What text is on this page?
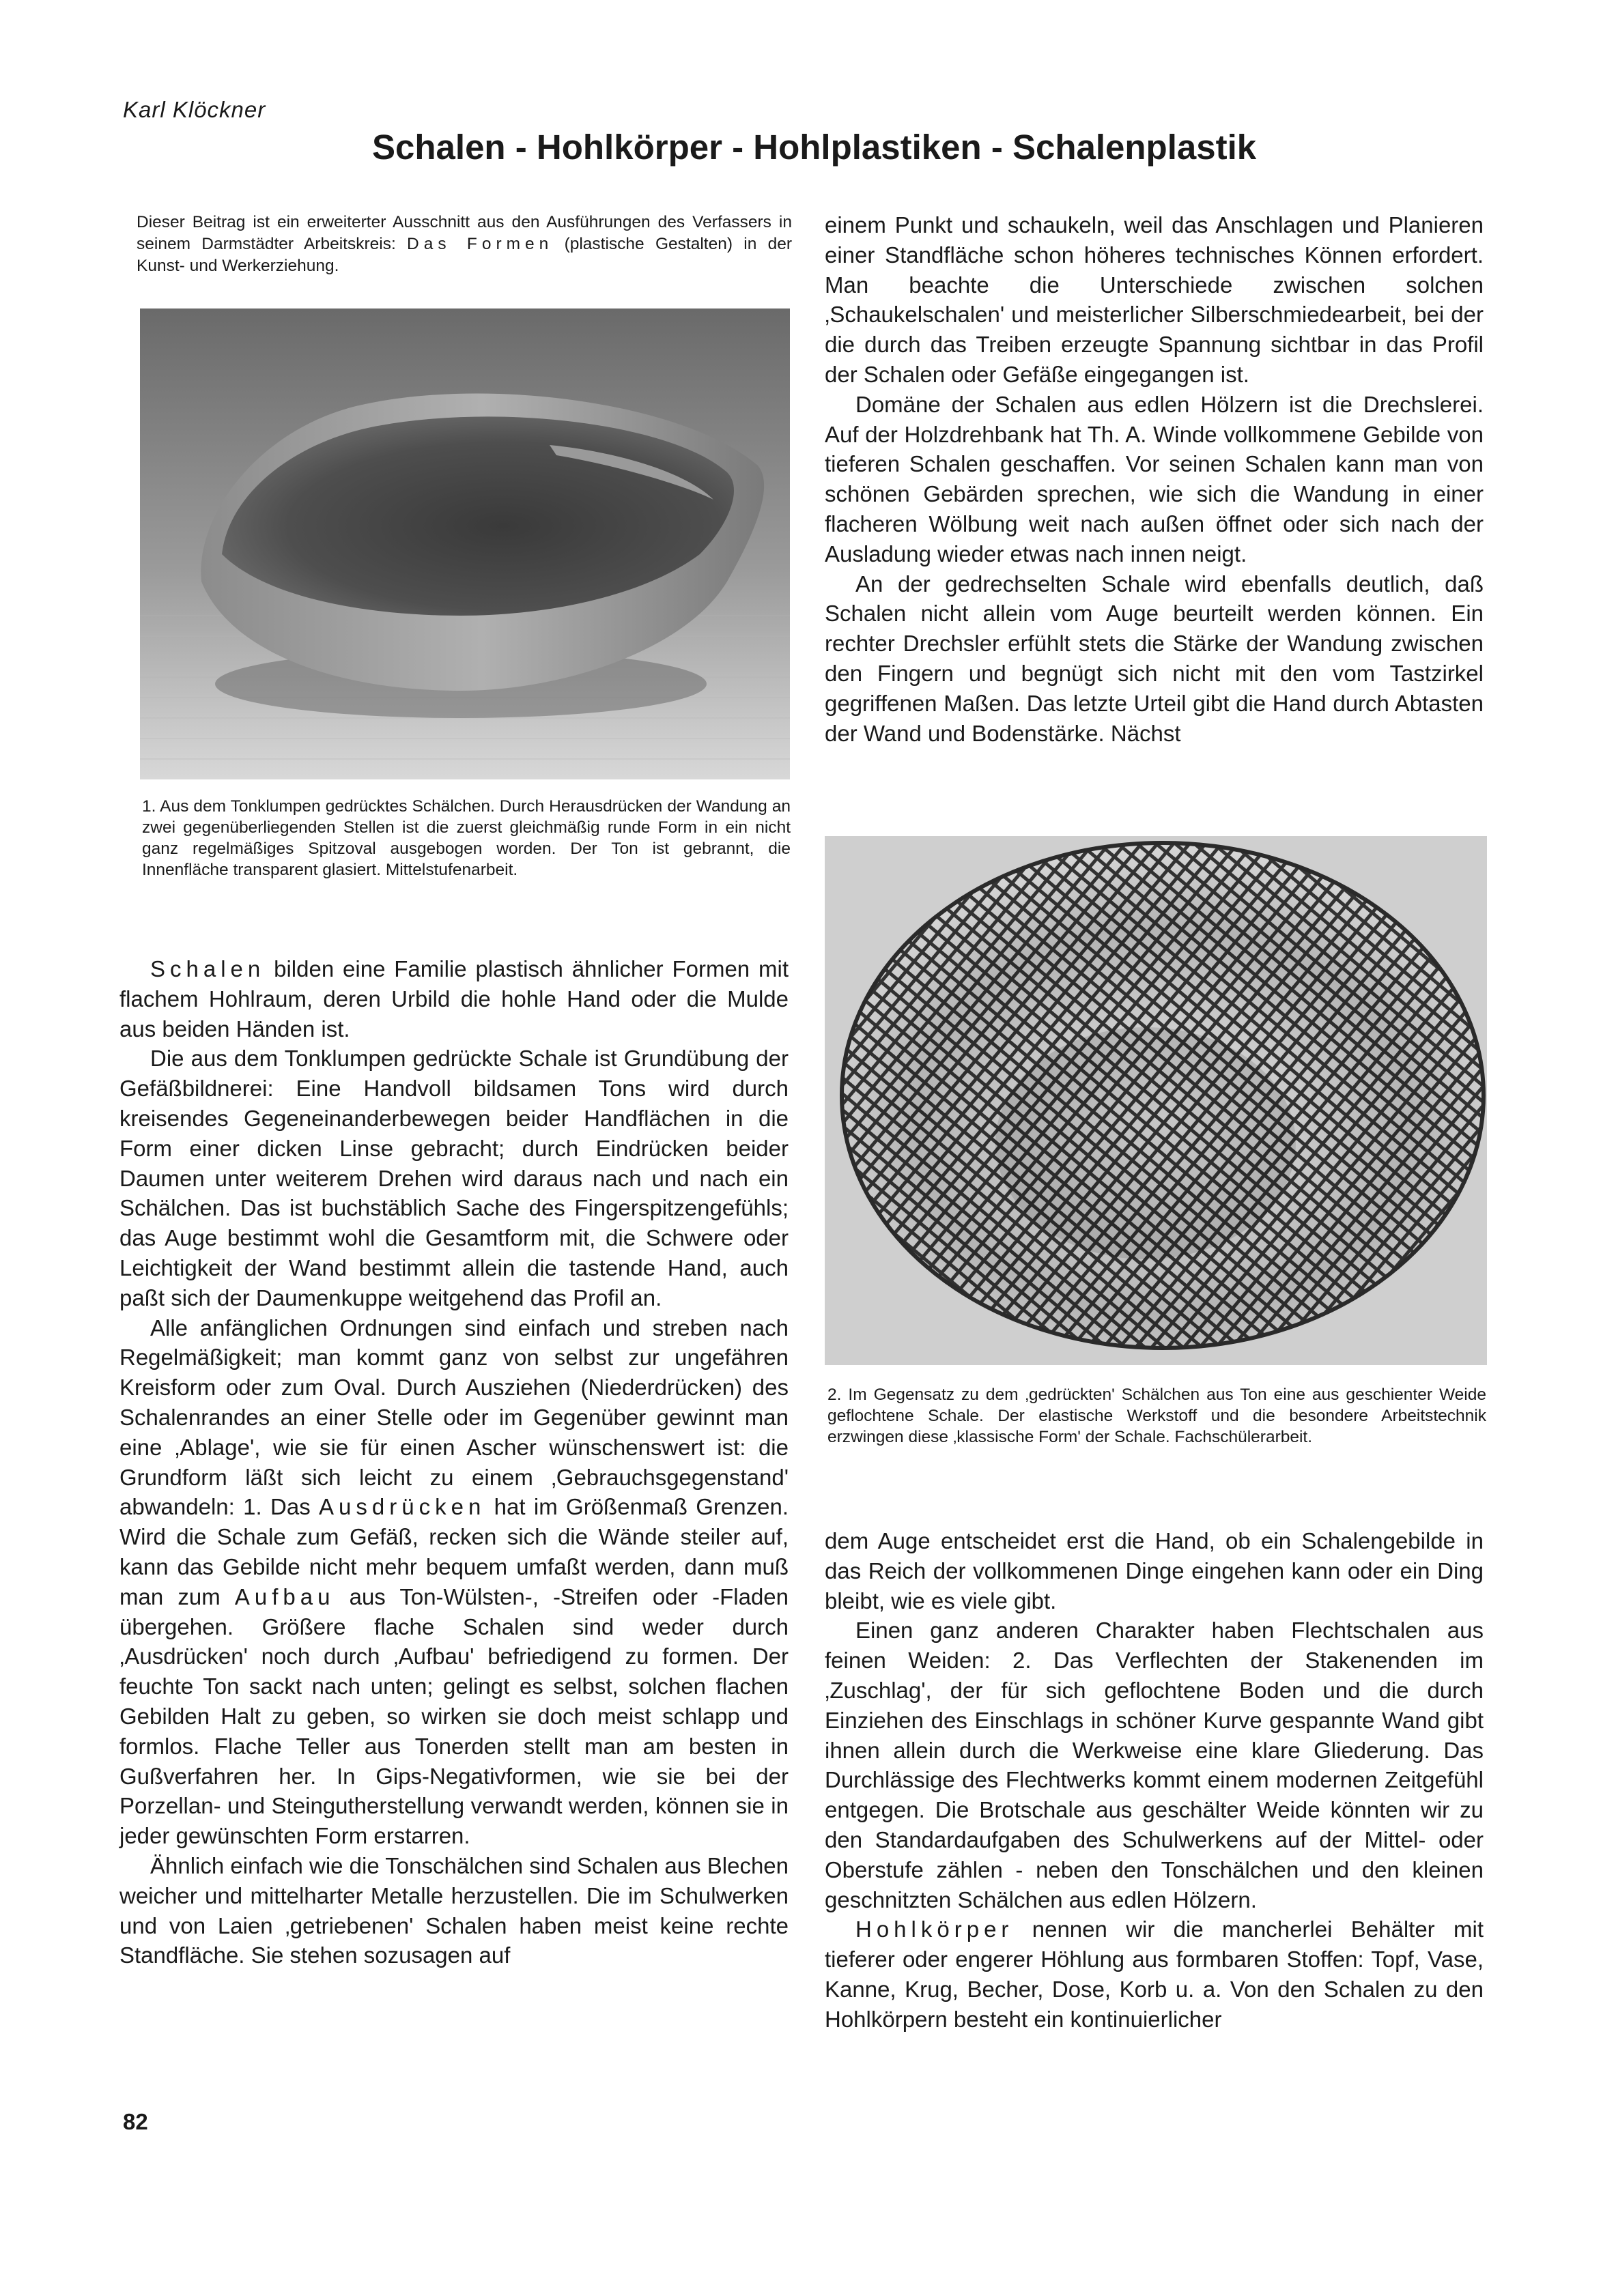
Karl Klöckner
Schalen - Hohlkörper - Hohlplastiken - Schalenplastik
Dieser Beitrag ist ein erweiterter Ausschnitt aus den Ausführungen des Verfassers in seinem Darmstädter Arbeitskreis: Das Formen (plastische Gestalten) in der Kunst- und Werkerziehung.
1. Aus dem Tonklumpen gedrücktes Schälchen. Durch Herausdrücken der Wandung an zwei gegenüberliegenden Stellen ist die zuerst gleichmäßig runde Form in ein nicht ganz regelmäßiges Spitzoval ausgebogen worden. Der Ton ist gebrannt, die Innenfläche transparent glasiert. Mittelstufenarbeit.
2. Im Gegensatz zu dem ‚gedrückten' Schälchen aus Ton eine aus geschienter Weide geflochtene Schale. Der elastische Werkstoff und die besondere Arbeitstechnik erzwingen diese ‚klassische Form' der Schale. Fachschülerarbeit.

Schalen bilden eine Familie plastisch ähnlicher Formen mit flachem Hohlraum, deren Urbild die hohle Hand oder die Mulde aus beiden Händen ist.

Die aus dem Tonklumpen gedrückte Schale ist Grundübung der Gefäßbildnerei: Eine Handvoll bildsamen Tons wird durch kreisendes Gegeneinanderbewegen beider Handflächen in die Form einer dicken Linse gebracht; durch Eindrücken beider Daumen unter weiterem Drehen wird daraus nach und nach ein Schälchen. Das ist buchstäblich Sache des Fingerspitzengefühls; das Auge bestimmt wohl die Gesamtform mit, die Schwere oder Leichtigkeit der Wand bestimmt allein die tastende Hand, auch paßt sich der Daumenkuppe weitgehend das Profil an.

Alle anfänglichen Ordnungen sind einfach und streben nach Regelmäßigkeit; man kommt ganz von selbst zur ungefähren Kreisform oder zum Oval. Durch Ausziehen (Niederdrücken) des Schalenrandes an einer Stelle oder im Gegenüber gewinnt man eine ‚Ablage', wie sie für einen Ascher wünschenswert ist: die Grundform läßt sich leicht zu einem ‚Gebrauchsgegenstand' abwandeln: 1. Das Ausdrücken hat im Größenmaß Grenzen. Wird die Schale zum Gefäß, recken sich die Wände steiler auf, kann das Gebilde nicht mehr bequem umfaßt werden, dann muß man zum Aufbau aus Ton-Wülsten-, -Streifen oder -Fladen übergehen. Größere flache Schalen sind weder durch ‚Ausdrücken' noch durch ‚Aufbau' befriedigend zu formen. Der feuchte Ton sackt nach unten; gelingt es selbst, solchen flachen Gebilden Halt zu geben, so wirken sie doch meist schlapp und formlos. Flache Teller aus Tonerden stellt man am besten in Gußverfahren her. In Gips-Negativformen, wie sie bei der Porzellan- und Steingutherstellung verwandt werden, können sie in jeder gewünschten Form erstarren.

Ähnlich einfach wie die Tonschälchen sind Schalen aus Blechen weicher und mittelharter Metalle herzustellen. Die im Schulwerken und von Laien ‚getriebenen' Schalen haben meist keine rechte Standfläche. Sie stehen sozusagen auf

einem Punkt und schaukeln, weil das Anschlagen und Planieren einer Standfläche schon höheres technisches Können erfordert. Man beachte die Unterschiede zwischen solchen ‚Schaukelschalen' und meisterlicher Silberschmiedearbeit, bei der die durch das Treiben erzeugte Spannung sichtbar in das Profil der Schalen oder Gefäße eingegangen ist.

Domäne der Schalen aus edlen Hölzern ist die Drechslerei. Auf der Holzdrehbank hat Th. A. Winde vollkommene Gebilde von tieferen Schalen geschaffen. Vor seinen Schalen kann man von schönen Gebärden sprechen, wie sich die Wandung in einer flacheren Wölbung weit nach außen öffnet oder sich nach der Ausladung wieder etwas nach innen neigt.

An der gedrechselten Schale wird ebenfalls deutlich, daß Schalen nicht allein vom Auge beurteilt werden können. Ein rechter Drechsler erfühlt stets die Stärke der Wandung zwischen den Fingern und begnügt sich nicht mit den vom Tastzirkel gegriffenen Maßen. Das letzte Urteil gibt die Hand durch Abtasten der Wand und Bodenstärke. Nächst

dem Auge entscheidet erst die Hand, ob ein Schalengebilde in das Reich der vollkommenen Dinge eingehen kann oder ein Ding bleibt, wie es viele gibt.

Einen ganz anderen Charakter haben Flechtschalen aus feinen Weiden: 2. Das Verflechten der Stakenenden im ‚Zuschlag', der für sich geflochtene Boden und die durch Einziehen des Einschlags in schöner Kurve gespannte Wand gibt ihnen allein durch die Werkweise eine klare Gliederung. Das Durchlässige des Flechtwerks kommt einem modernen Zeitgefühl entgegen. Die Brotschale aus geschälter Weide könnten wir zu den Standardaufgaben des Schulwerkens auf der Mittel- oder Oberstufe zählen - neben den Tonschälchen und den kleinen geschnitzten Schälchen aus edlen Hölzern.

Hohlkörper nennen wir die mancherlei Behälter mit tieferer oder engerer Höhlung aus formbaren Stoffen: Topf, Vase, Kanne, Krug, Becher, Dose, Korb u. a. Von den Schalen zu den Hohlkörpern besteht ein kontinuierlicher

82
